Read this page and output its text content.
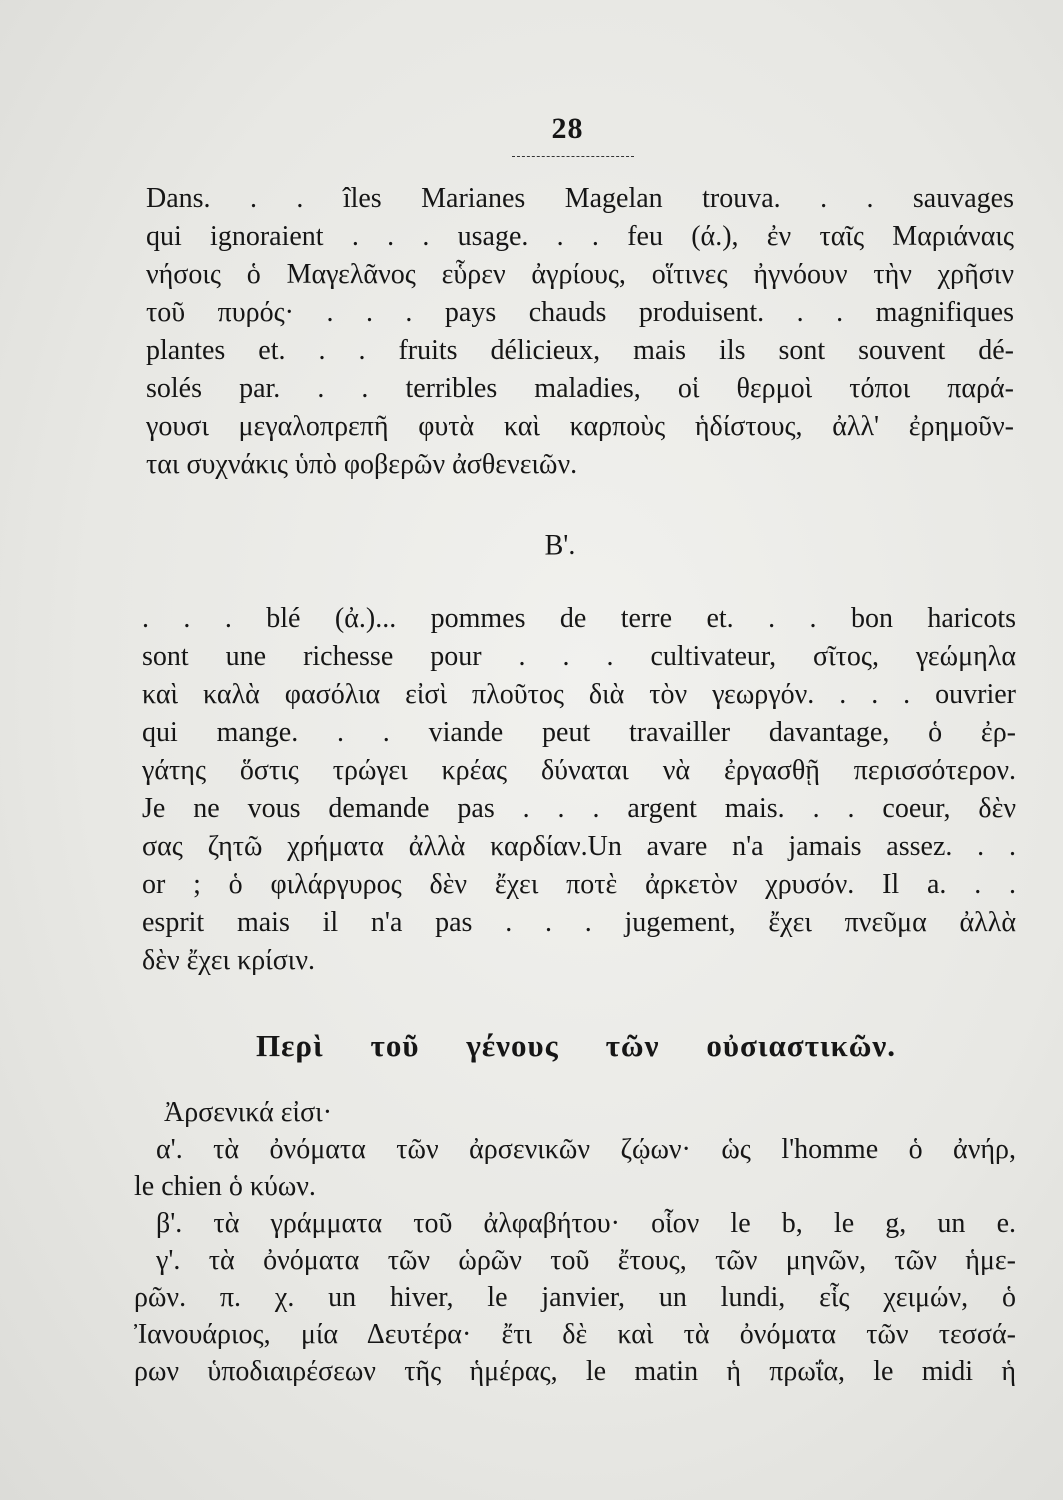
28
Dans. . . îles Marianes Magelan trouva. . . sauvages
qui ignoraient . . . usage. . . feu (ά.), ἐν ταῖς Μαριάναις
νήσοις ὁ Μαγελᾶνος εὗρεν ἀγρίους, οἵτινες ἠγνόουν τὴν χρῆσιν
τοῦ πυρός· . . . pays chauds produisent. . . magnifiques
plantes et. . . fruits délicieux, mais ils sont souvent dé-
solés par. . . terribles maladies, οἱ θερμοὶ τόποι παρά-
γουσι μεγαλοπρεπῆ φυτὰ καὶ καρποὺς ἡδίστους, ἀλλ' ἐρημοῦν-
ται συχνάκις ὑπὸ φοβερῶν ἀσθενειῶν.
Β'.
. . . blé (ἀ.)... pommes de terre et. . . bon haricots
sont une richesse pour . . . cultivateur, σῖτος, γεώμηλα
καὶ καλὰ φασόλια εἰσὶ πλοῦτος διὰ τὸν γεωργόν. . . . ouvrier
qui mange. . . viande peut travailler davantage, ὁ ἐρ-
γάτης ὅστις τρώγει κρέας δύναται νὰ ἐργασθῇ περισσότερον.
Je ne vous demande pas . . . argent mais. . . coeur, δὲν
σας ζητῶ χρήματα ἀλλὰ καρδίαν.Un avare n'a jamais assez. . .
or ; ὁ φιλάργυρος δὲν ἔχει ποτὲ ἀρκετὸν χρυσόν. Il a. . .
esprit mais il n'a pas . . . jugement, ἔχει πνεῦμα ἀλλὰ
δὲν ἔχει κρίσιν.
Περὶ τοῦ γένους τῶν οὐσιαστικῶν.
Ἀρσενικά εἰσι·
α'. τὰ ὀνόματα τῶν ἀρσενικῶν ζῴων· ὡς l'homme ὁ ἀνήρ,
le chien ὁ κύων.
β'. τὰ γράμματα τοῦ ἀλφαβήτου· οἷον le b, le g, un e.
γ'. τὰ ὀνόματα τῶν ὡρῶν τοῦ ἔτους, τῶν μηνῶν, τῶν ἡμε-
ρῶν. π. χ. un hiver, le janvier, un lundi, εἷς χειμών, ὁ
Ἰανουάριος, μία Δευτέρα· ἔτι δὲ καὶ τὰ ὀνόματα τῶν τεσσά-
ρων ὑποδιαιρέσεων τῆς ἡμέρας, le matin ἡ πρωΐα, le midi ἡ
